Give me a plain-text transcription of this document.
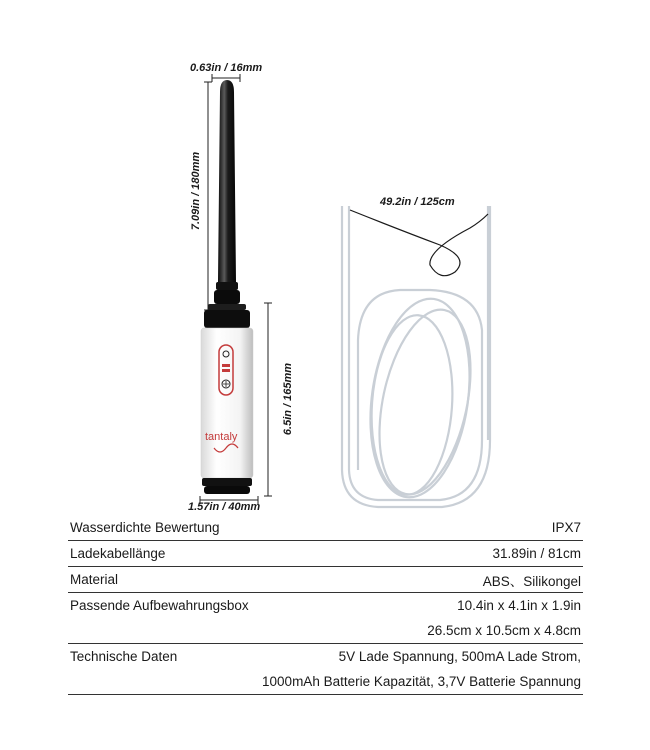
0.63in / 16mm
7.09in / 180mm
6.5in / 165mm
1.57in / 40mm
49.2in / 125cm
tantaly
Wasserdichte Bewertung	IPX7
Ladekabellänge	31.89in / 81cm
Material	ABS、Silikongel
Passende Aufbewahrungsbox	10.4in x 4.1in x 1.9in
26.5cm x 10.5cm x 4.8cm
Technische Daten	5V Lade Spannung, 500mA Lade Strom,
1000mAh Batterie Kapazität, 3,7V Batterie Spannung
